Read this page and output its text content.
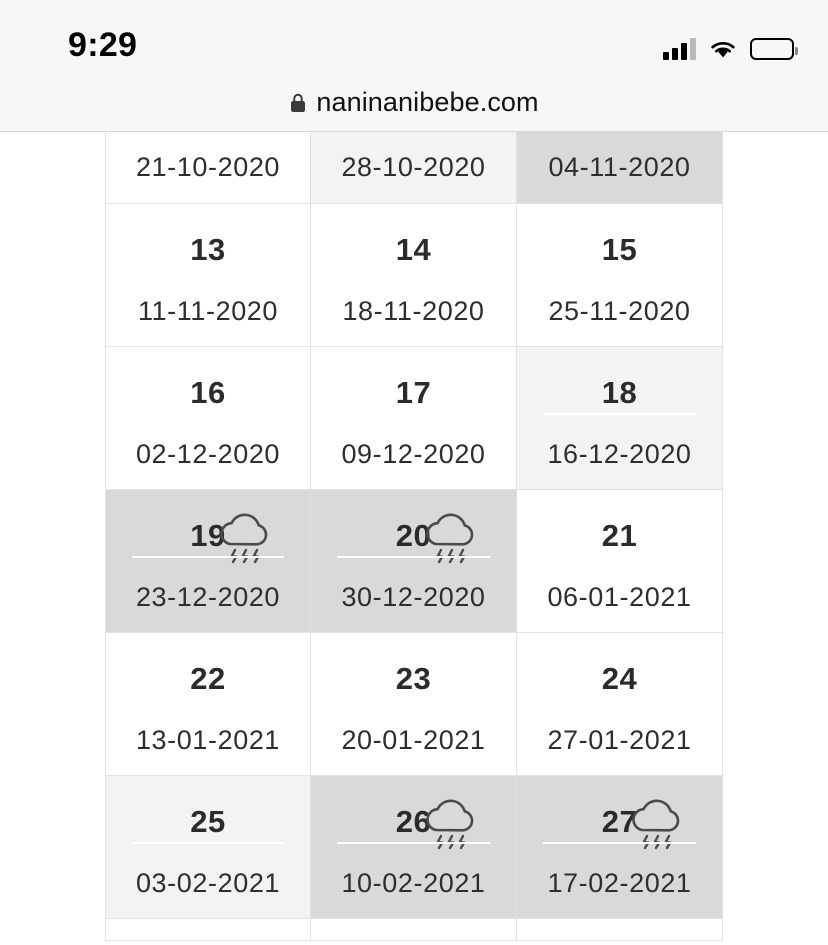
9:29
naninanibebe.com
21-10-2020 28-10-2020 04-11-2020
13
11-11-2020
14
18-11-2020
15
25-11-2020
16
02-12-2020
17
09-12-2020
18
16-12-2020
19
23-12-2020
20
30-12-2020
21
06-01-2021
22
13-01-2021
23
20-01-2021
24
27-01-2021
25
03-02-2021
26
10-02-2021
27
17-02-2021
